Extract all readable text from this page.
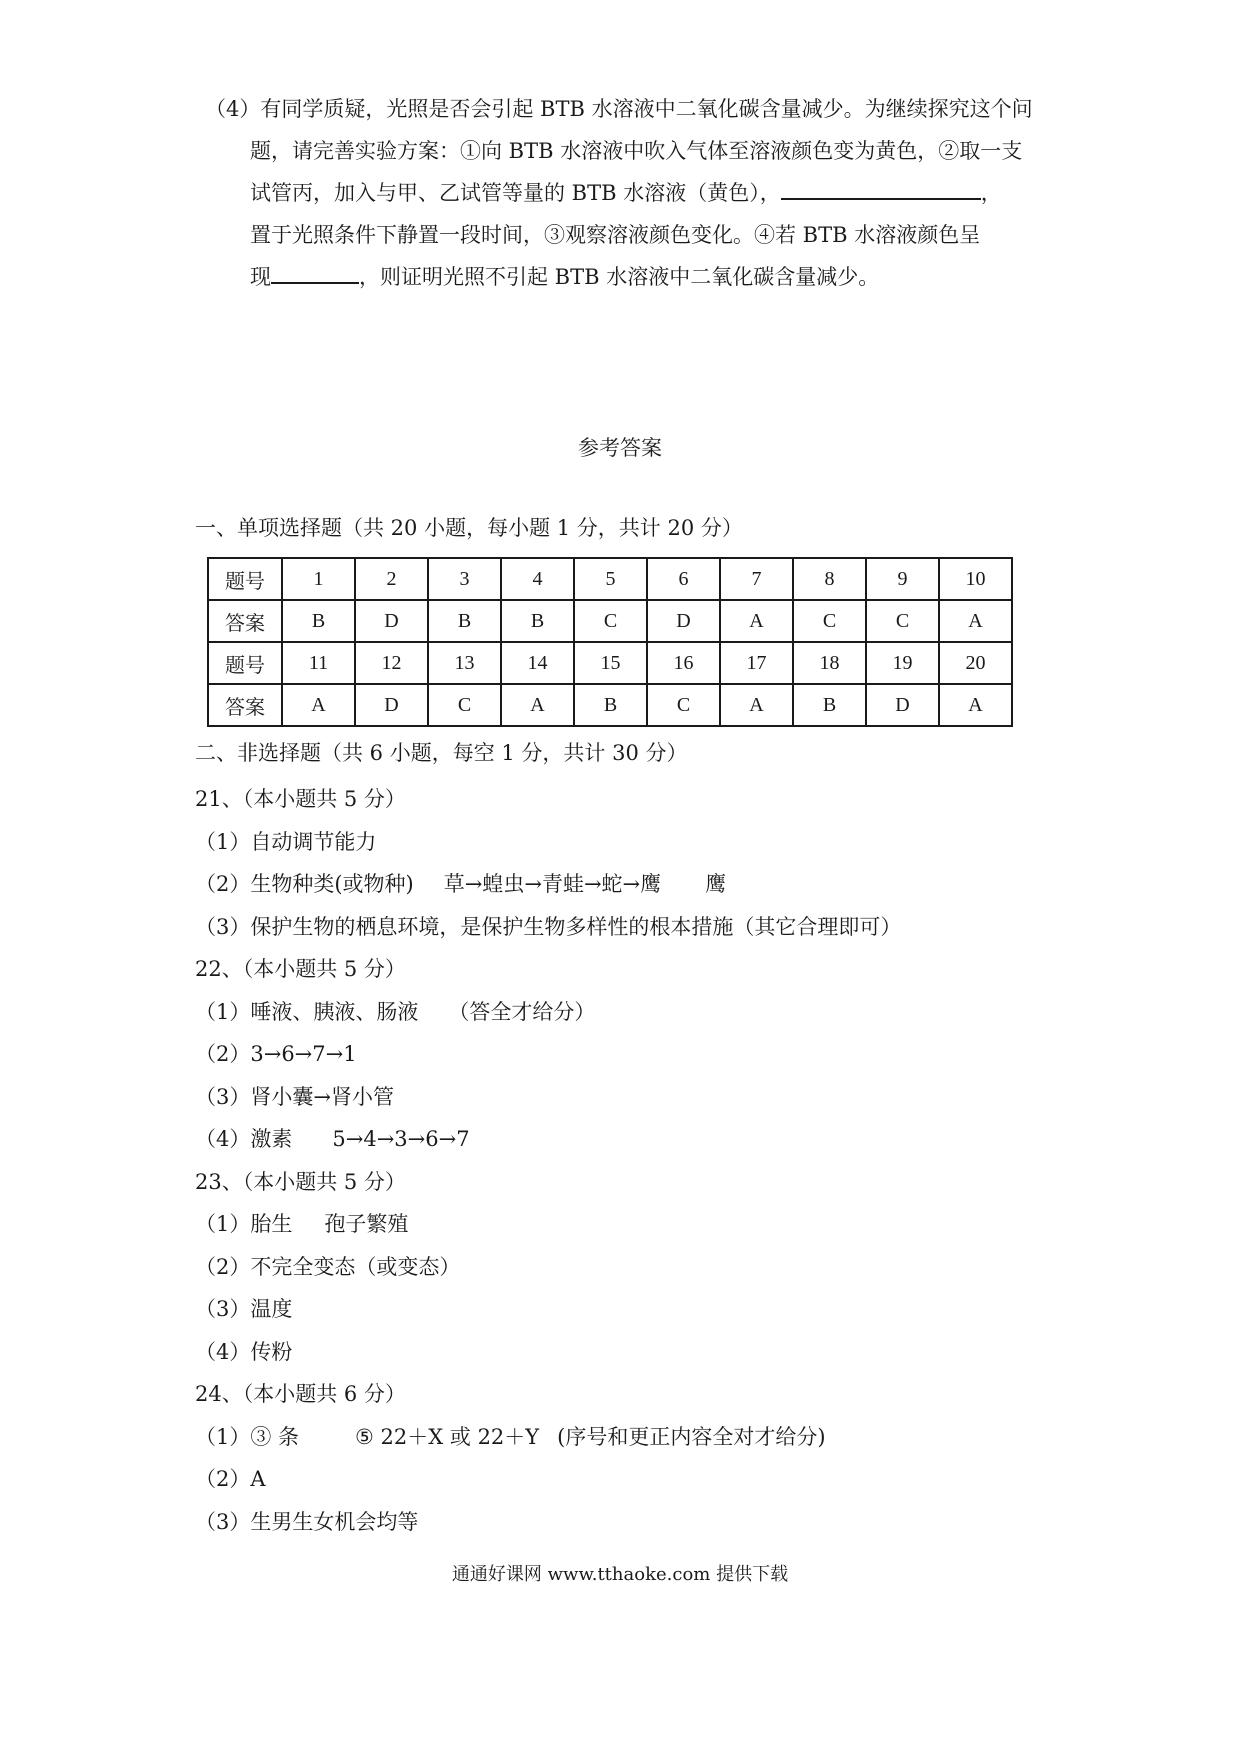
（4）有同学质疑，光照是否会引起 BTB 水溶液中二氧化碳含量减少。为继续探究这个问
题，请完善实验方案：①向 BTB 水溶液中吹入气体至溶液颜色变为黄色，②取一支
试管丙，加入与甲、乙试管等量的 BTB 水溶液（黄色），	，
置于光照条件下静置一段时间，③观察溶液颜色变化。④若 BTB 水溶液颜色呈
现	，则证明光照不引起 BTB 水溶液中二氧化碳含量减少。
参考答案
一、单项选择题（共 20 小题，每小题 1 分，共计 20 分）
题号	1	2	3	4	5	6	7	8	9	10
答案	B	D	B	B	C	D	A	C	C	A
题号	11	12	13	14	15	16	17	18	19	20
答案	A	D	C	A	B	C	A	B	D	A
二、非选择题（共 6 小题，每空 1 分，共计 30 分）
21、（本小题共 5 分）
（1）自动调节能力
（2）生物种类(或物种) 草→蝗虫→青蛙→蛇→鹰 鹰
（3）保护生物的栖息环境，是保护生物多样性的根本措施（其它合理即可）
22、（本小题共 5 分）
（1）唾液、胰液、肠液 （答全才给分）
（2）3→6→7→1
（3）肾小囊→肾小管
（4）激素 5→4→3→6→7
23、（本小题共 5 分）
（1）胎生 孢子繁殖
（2）不完全变态（或变态）
（3）温度
（4）传粉
24、（本小题共 6 分）
（1）③ 条	⑤ 22＋X 或 22＋Y (序号和更正内容全对才给分)
（2）A
（3）生男生女机会均等
通通好课网 www.tthaoke.com 提供下载
